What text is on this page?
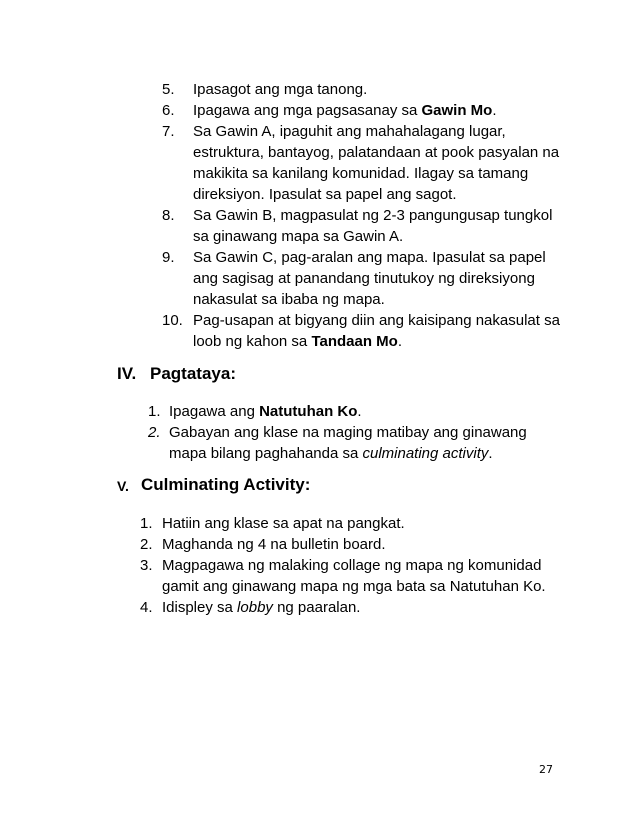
5. Ipasagot ang mga tanong.
6. Ipagawa ang mga pagsasanay sa Gawin Mo.
7. Sa Gawin A, ipaguhit ang mahahalagang lugar,
estruktura, bantayog, palatandaan at pook pasyalan na
makikita sa kanilang komunidad. Ilagay sa tamang
direksiyon. Ipasulat sa papel ang sagot.
8. Sa Gawin B, magpasulat ng 2-3 pangungusap tungkol
sa ginawang mapa sa Gawin A.
9. Sa Gawin C, pag-aralan ang mapa. Ipasulat sa papel
ang sagisag at panandang tinutukoy ng direksiyong
nakasulat sa ibaba ng mapa.
10. Pag-usapan at bigyang diin ang kaisipang nakasulat sa
loob ng kahon sa Tandaan Mo.
IV. Pagtataya:
1. Ipagawa ang Natutuhan Ko.
2. Gabayan ang klase na maging matibay ang ginawang
mapa bilang paghahanda sa culminating activity.
V. Culminating Activity:
1. Hatiin ang klase sa apat na pangkat.
2. Maghanda ng 4 na bulletin board.
3. Magpagawa ng malaking collage ng mapa ng komunidad
gamit ang ginawang mapa ng mga bata sa Natutuhan Ko.
4. Idispley sa lobby ng paaralan.
27
